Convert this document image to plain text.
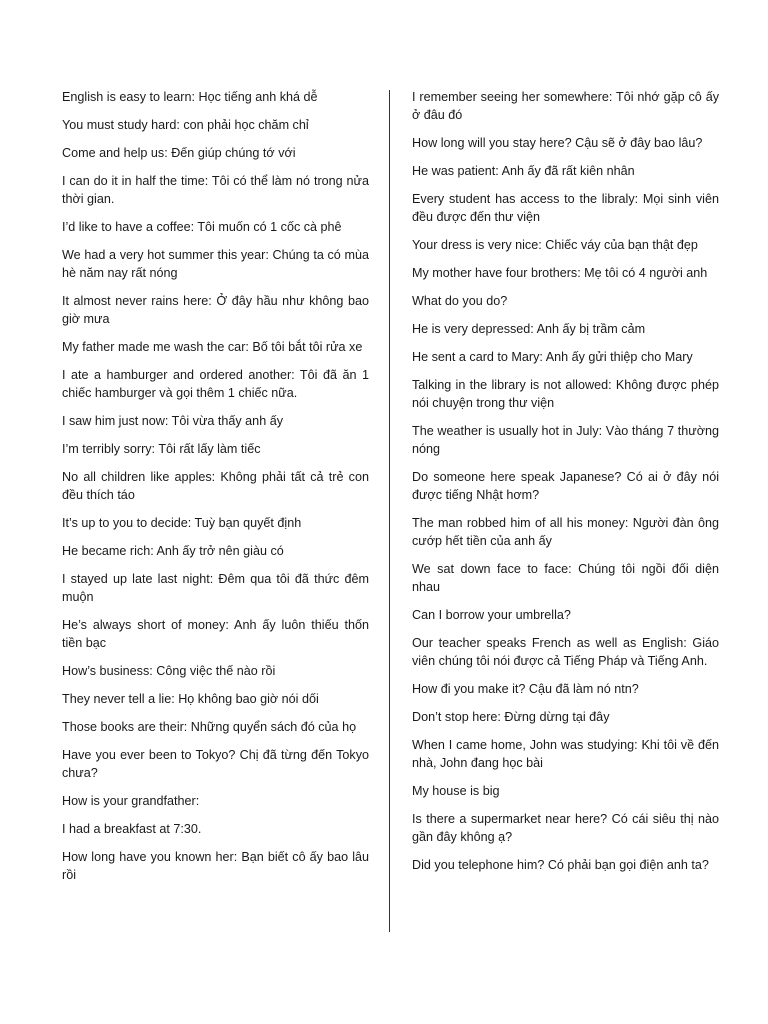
English is easy to learn: Học tiếng anh khá dễ

You must study hard: con phải học chăm chỉ

Come and help us: Đến giúp chúng tớ với

I can do it in half the time: Tôi có thể làm nó trong nửa thời gian.

I’d like to have a coffee: Tôi muốn có 1 cốc cà phê

We had a very hot summer this year: Chúng ta có mùa hè năm nay rất nóng

It almost never rains here: Ở đây hầu như không bao giờ mưa

My father made me wash the car: Bố tôi bắt tôi rửa xe

I ate a hamburger and ordered another: Tôi đã ăn 1 chiếc hamburger và gọi thêm 1 chiếc nữa.

I saw him just now: Tôi vừa thấy anh ấy

I’m terribly sorry: Tôi rất lấy làm tiếc

No all children like apples: Không phải tất cả trẻ con đều thích táo

It’s up to you to decide: Tuỳ bạn quyết định

He became rich: Anh ấy trở nên giàu có

I stayed up late last night: Đêm qua tôi đã thức đêm muộn

He’s always short of money: Anh ấy luôn thiếu thốn tiền bạc

How’s business: Công việc thế nào rồi

They never tell a lie: Họ không bao giờ nói dối

Those books are their: Những quyển sách đó của họ

Have you ever been to Tokyo? Chị đã từng đến Tokyo chưa?

How is your grandfather:

I had a breakfast at 7:30.

How long have you known her: Bạn biết cô ấy bao lâu rồi

I remember seeing her somewhere: Tôi nhớ gặp cô ấy ở đâu đó

How long will you stay here? Cậu sẽ ở đây bao lâu?

He was patient: Anh ấy đã rất kiên nhân

Every student has access to the libraly: Mọi sinh viên đều được đến thư viện

Your dress is very nice: Chiếc váy của bạn thật đẹp

My mother have four brothers: Mẹ tôi có 4 người anh

What do you do?

He is very depressed: Anh ấy bị trầm cảm

He sent a card to Mary: Anh ấy gửi thiệp cho Mary

Talking in the library is not allowed: Không được phép nói chuyện trong thư viện

The weather is usually hot in July: Vào tháng 7 thường nóng

Do someone here speak Japanese? Có ai ở đây nói được tiếng Nhật hơm?

The man robbed him of all his money: Người đàn ông cướp hết tiền của anh ấy

We sat down face to face: Chúng tôi ngồi đối diện nhau

Can I borrow your umbrella?

Our teacher speaks French as well as English: Giáo viên chúng tôi nói được cả Tiếng Pháp và Tiếng Anh.

How đi you make it? Cậu đã làm nó ntn?

Don’t stop here: Đừng dừng tại đây

When I came home, John was studying: Khi tôi về đến nhà, John đang học bài

My house is big

Is there a supermarket near here? Có cái siêu thị nào gần đây không ạ?

Did you telephone him? Có phải bạn gọi điện anh ta?
